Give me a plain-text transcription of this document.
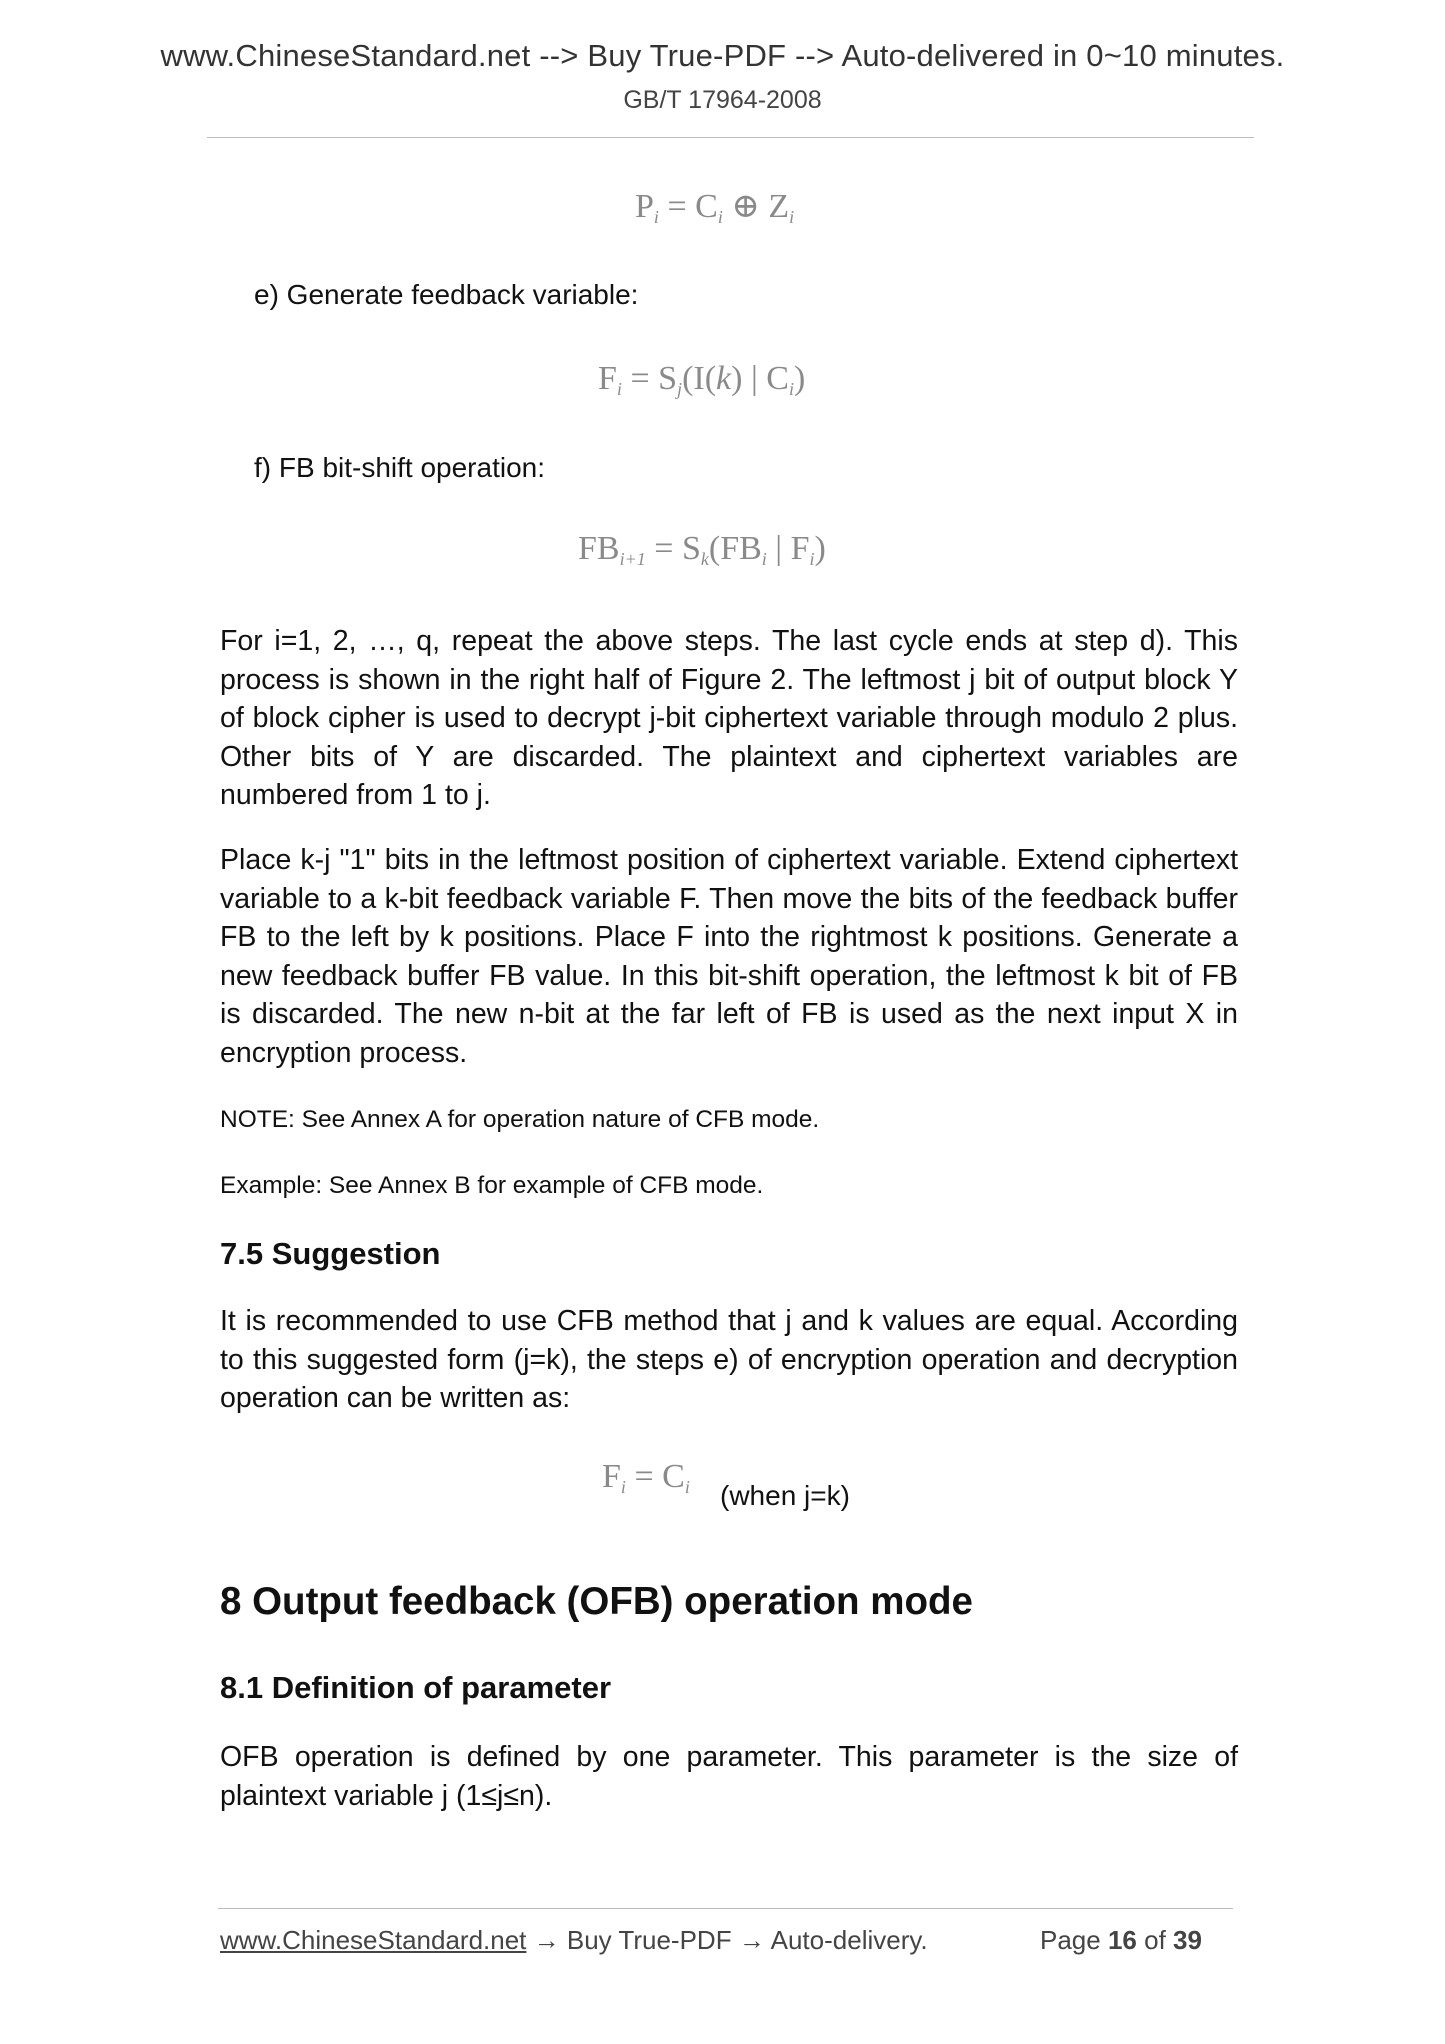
www.ChineseStandard.net --> Buy True-PDF --> Auto-delivered in 0~10 minutes.
GB/T 17964-2008
$P_i = C_i$ ⊕ $Z_i$
e) Generate feedback variable:
$F_i = S_j(I(k)$ | $C_i$)
f) FB bit-shift operation:
$FB_{i+1} = S_k(FB_i$ | $F_i$)
For i=1, 2, …, q, repeat the above steps. The last cycle ends at step d). This process is shown in the right half of Figure 2. The leftmost j bit of output block Y of block cipher is used to decrypt j-bit ciphertext variable through modulo 2 plus. Other bits of Y are discarded. The plaintext and ciphertext variables are numbered from 1 to j.
Place k-j "1" bits in the leftmost position of ciphertext variable. Extend ciphertext variable to a k-bit feedback variable F. Then move the bits of the feedback buffer FB to the left by k positions. Place F into the rightmost k positions. Generate a new feedback buffer FB value. In this bit-shift operation, the leftmost k bit of FB is discarded. The new n-bit at the far left of FB is used as the next input X in encryption process.
NOTE: See Annex A for operation nature of CFB mode.
Example: See Annex B for example of CFB mode.
7.5 Suggestion
It is recommended to use CFB method that j and k values are equal. According to this suggested form (j=k), the steps e) of encryption operation and decryption operation can be written as:
$F_i = C_i$ (when j=k)
8 Output feedback (OFB) operation mode
8.1 Definition of parameter
OFB operation is defined by one parameter. This parameter is the size of plaintext variable j (1≤j≤n).
www.ChineseStandard.net → Buy True-PDF → Auto-delivery.	Page 16 of 39
